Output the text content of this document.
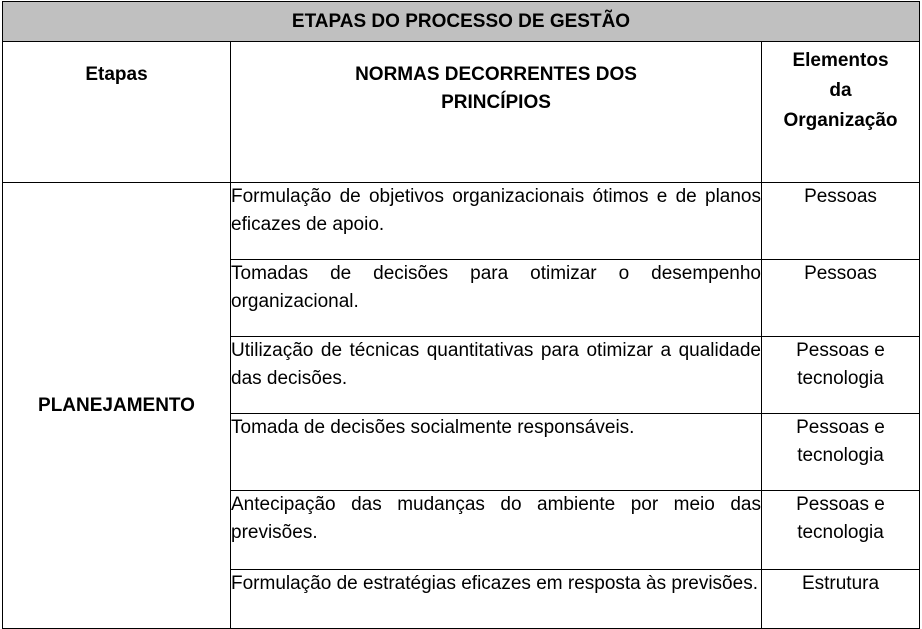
ETAPAS DO PROCESSO DE GESTÃO		
Etapas	NORMAS DECORRENTES DOS PRINCÍPIOS	Elementos da Organização

PLANEJAMENTO	Formulação de objetivos organizacionais ótimos e de planos eficazes de apoio.	Pessoas
	Tomadas de decisões para otimizar o desempenho organizacional.	Pessoas
	Utilização de técnicas quantitativas para otimizar a qualidade das decisões.	Pessoas e tecnologia

	Tomada de decisões socialmente responsáveis.	Pessoas e tecnologia

	Antecipação das mudanças do ambiente por meio das previsões.	Pessoas e tecnologia

	Formulação de estratégias eficazes em resposta às previsões.	Estrutura
